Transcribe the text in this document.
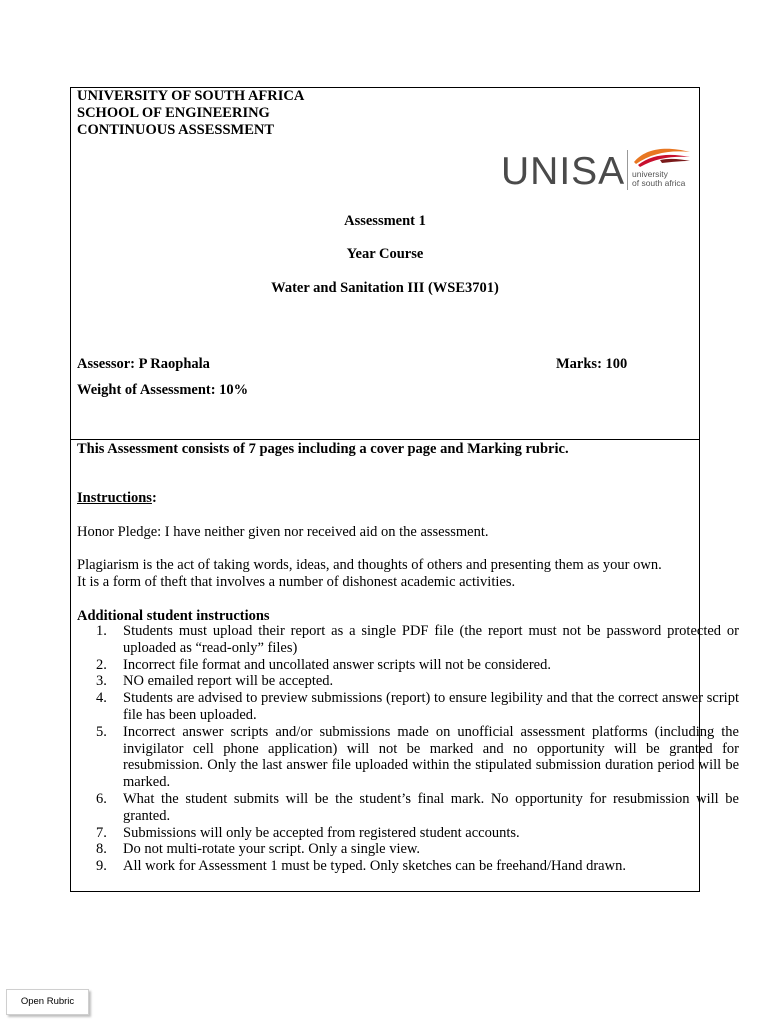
UNIVERSITY OF SOUTH AFRICA
SCHOOL OF ENGINEERING
CONTINUOUS ASSESSMENT
UNISA university
of south africa
Assessment 1
Year Course
Water and Sanitation III (WSE3701)
Assessor: P Raophala	Marks: 100
Weight of Assessment: 10%
This Assessment consists of 7 pages including a cover page and Marking rubric.
Instructions:
Honor Pledge: I have neither given nor received aid on the assessment.
Plagiarism is the act of taking words, ideas, and thoughts of others and presenting them as your own.
It is a form of theft that involves a number of dishonest academic activities.
Additional student instructions
1. Students must upload their report as a single PDF file (the report must not be password protected or uploaded as “read-only” files)
2. Incorrect file format and uncollated answer scripts will not be considered.
3. NO emailed report will be accepted.
4. Students are advised to preview submissions (report) to ensure legibility and that the correct answer script file has been uploaded.
5. Incorrect answer scripts and/or submissions made on unofficial assessment platforms (including the invigilator cell phone application) will not be marked and no opportunity will be granted for resubmission. Only the last answer file uploaded within the stipulated submission duration period will be marked.
6. What the student submits will be the student’s final mark. No opportunity for resubmission will be granted.
7. Submissions will only be accepted from registered student accounts.
8. Do not multi-rotate your script. Only a single view.
9. All work for Assessment 1 must be typed. Only sketches can be freehand/Hand drawn.
Open Rubric
